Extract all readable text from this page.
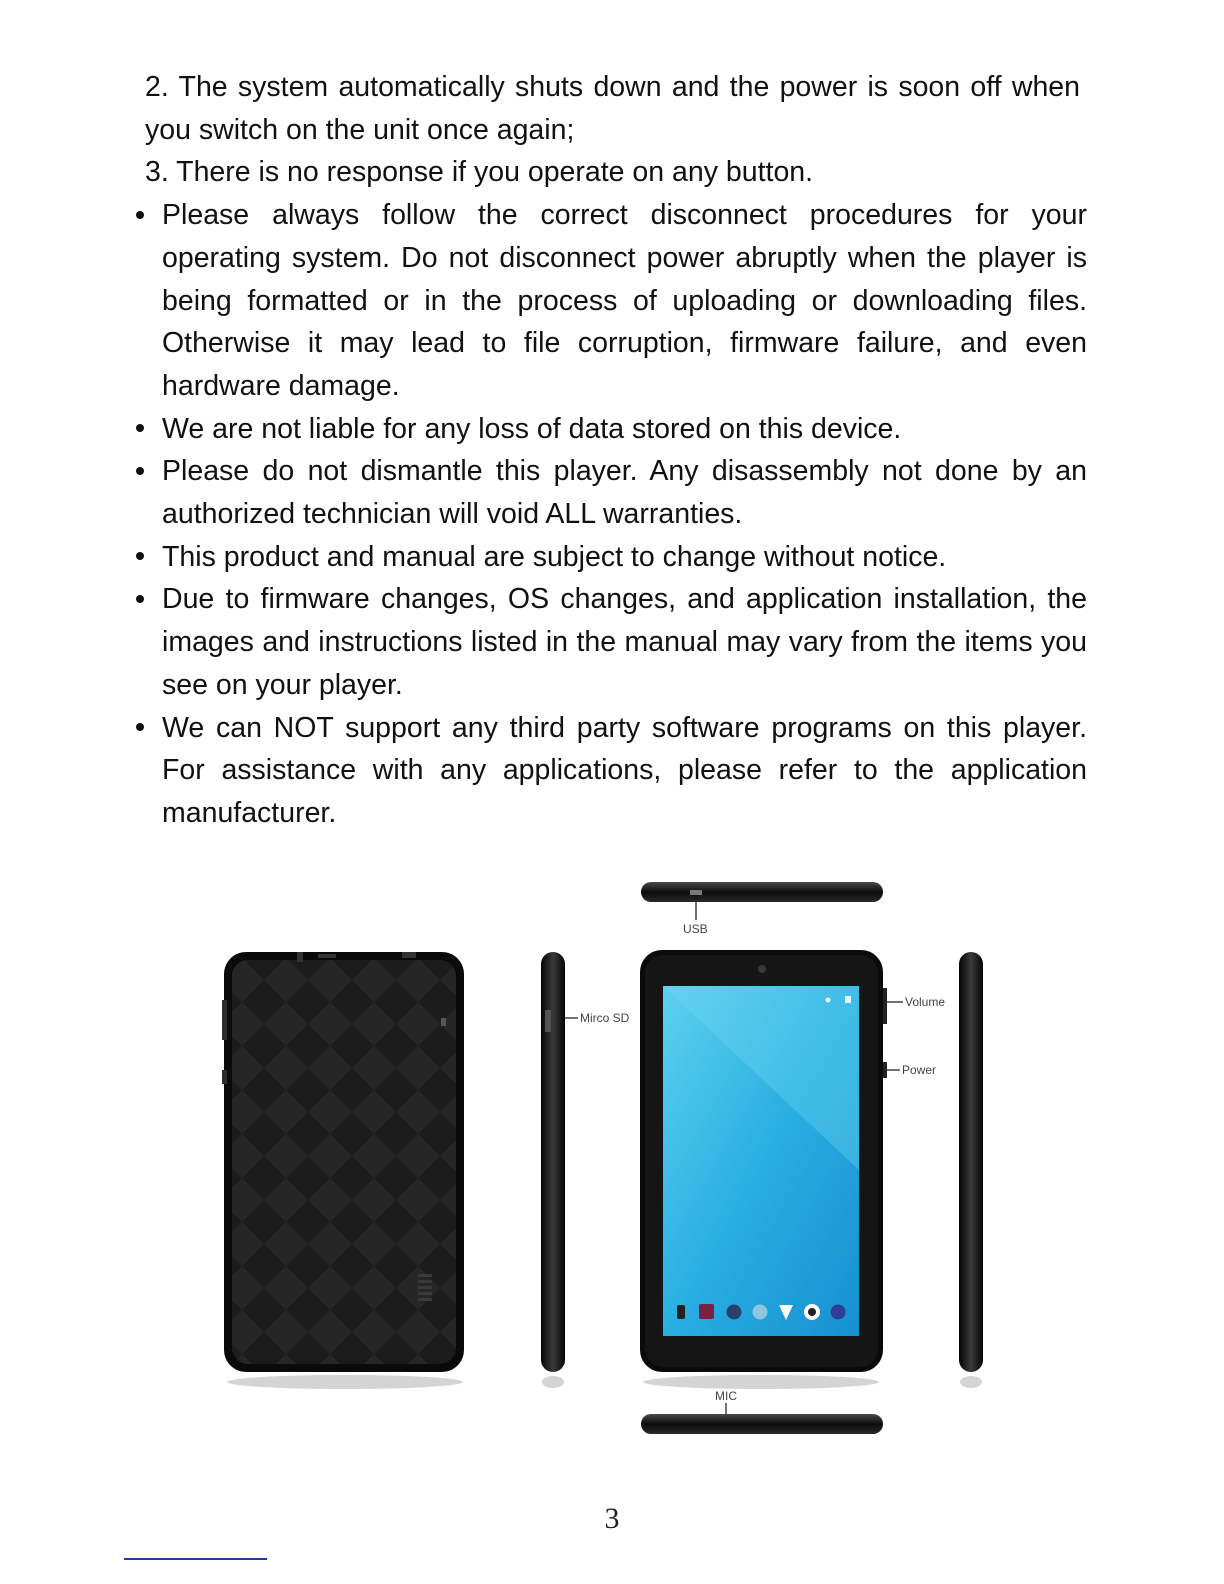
2. The system automatically shuts down and the power is soon off when you switch on the unit once again;

3. There is no response if you operate on any button.

Please always follow the correct disconnect procedures for your operating system. Do not disconnect power abruptly when the player is being formatted or in the process of uploading or downloading files. Otherwise it may lead to file corruption, firmware failure, and even hardware damage.
We are not liable for any loss of data stored on this device.
Please do not dismantle this player. Any disassembly not done by an authorized technician will void ALL warranties.
This product and manual are subject to change without notice.
Due to firmware changes, OS changes, and application installation, the images and instructions listed in the manual may vary from the items you see on your player.
We can NOT support any third party software programs on this player. For assistance with any applications, please refer to the application manufacturer.
Mirco SD
USB
Volume
Power
MIC
3
